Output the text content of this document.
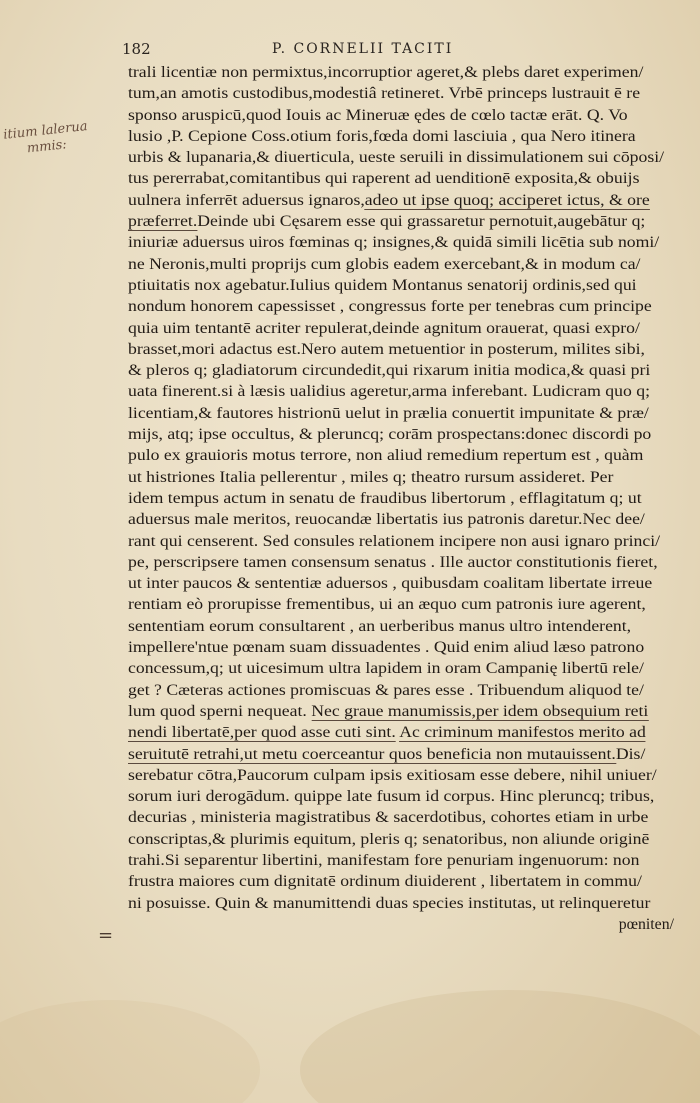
182	P. CORNELII TACITI
itium lalerua
mmis:
=
trali licentiæ non permixtus,incorruptior ageret,& plebs daret experimen/
tum,an amotis custodibus,modestiâ retineret. Vrbē princeps lustrauit ē re
sponso aruspicū,quod Iouis ac Mineruæ ędes de cœlo tactæ erāt. Q. Vo
lusio ,P. Cepione Coss.otium foris,fœda domi lasciuia , qua Nero itinera
urbis & lupanaria,& diuerticula, ueste seruili in dissimulationem sui cōposi/
tus pererrabat,comitantibus qui raperent ad uenditionē exposita,& obuijs
uulnera inferrēt aduersus ignaros,adeo ut ipse quoq; acciperet ictus, & ore
præferret.Deinde ubi Cęsarem esse qui grassaretur pernotuit,augebātur q;
iniuriæ aduersus uiros fœminas q; insignes,& quidā simili licētia sub nomi/
ne Neronis,multi proprijs cum globis eadem exercebant,& in modum ca/
ptiuitatis nox agebatur.Iulius quidem Montanus senatorij ordinis,sed qui
nondum honorem capessisset , congressus forte per tenebras cum principe
quia uim tentantē acriter repulerat,deinde agnitum orauerat, quasi expro/
brasset,mori adactus est.Nero autem metuentior in posterum, milites sibi,
& pleros q; gladiatorum circundedit,qui rixarum initia modica,& quasi pri
uata finerent.si à læsis ualidius ageretur,arma inferebant. Ludicram quo q;
licentiam,& fautores histrionū uelut in prælia conuertit impunitate & præ/
mijs, atq; ipse occultus, & pleruncq; corām prospectans:donec discordi po
pulo ex grauioris motus terrore, non aliud remedium repertum est , quàm
ut histriones Italia pellerentur , miles q; theatro rursum assideret. Per
idem tempus actum in senatu de fraudibus libertorum , efflagitatum q; ut
aduersus male meritos, reuocandæ libertatis ius patronis daretur.Nec dee/
rant qui censerent. Sed consules relationem incipere non ausi ignaro princi/
pe, perscripsere tamen consensum senatus . Ille auctor constitutionis fieret,
ut inter paucos & sententiæ aduersos , quibusdam coalitam libertate irreue
rentiam eò prorupisse frementibus, ui an æquo cum patronis iure agerent,
sententiam eorum consultarent , an uerberibus manus ultro intenderent,
impellere'ntue pœnam suam dissuadentes . Quid enim aliud læso patrono
concessum,q; ut uicesimum ultra lapidem in oram Campanię libertū rele/
get ? Cæteras actiones promiscuas & pares esse . Tribuendum aliquod te/
lum quod sperni nequeat. Nec graue manumissis,per idem obsequium reti
nendi libertatē,per quod asse cuti sint. Ac criminum manifestos merito ad
seruitutē retrahi,ut metu coerceantur quos beneficia non mutauissent.Dis/
serebatur cōtra,Paucorum culpam ipsis exitiosam esse debere, nihil uniuer/
sorum iuri derogādum. quippe late fusum id corpus. Hinc pleruncq; tribus,
decurias , ministeria magistratibus & sacerdotibus, cohortes etiam in urbe
conscriptas,& plurimis equitum, pleris q; senatoribus, non aliunde originē
trahi.Si separentur libertini, manifestam fore penuriam ingenuorum: non
frustra maiores cum dignitatē ordinum diuiderent , libertatem in commu/
ni posuisse. Quin & manumittendi duas species institutas, ut relinqueretur
pœniten/
